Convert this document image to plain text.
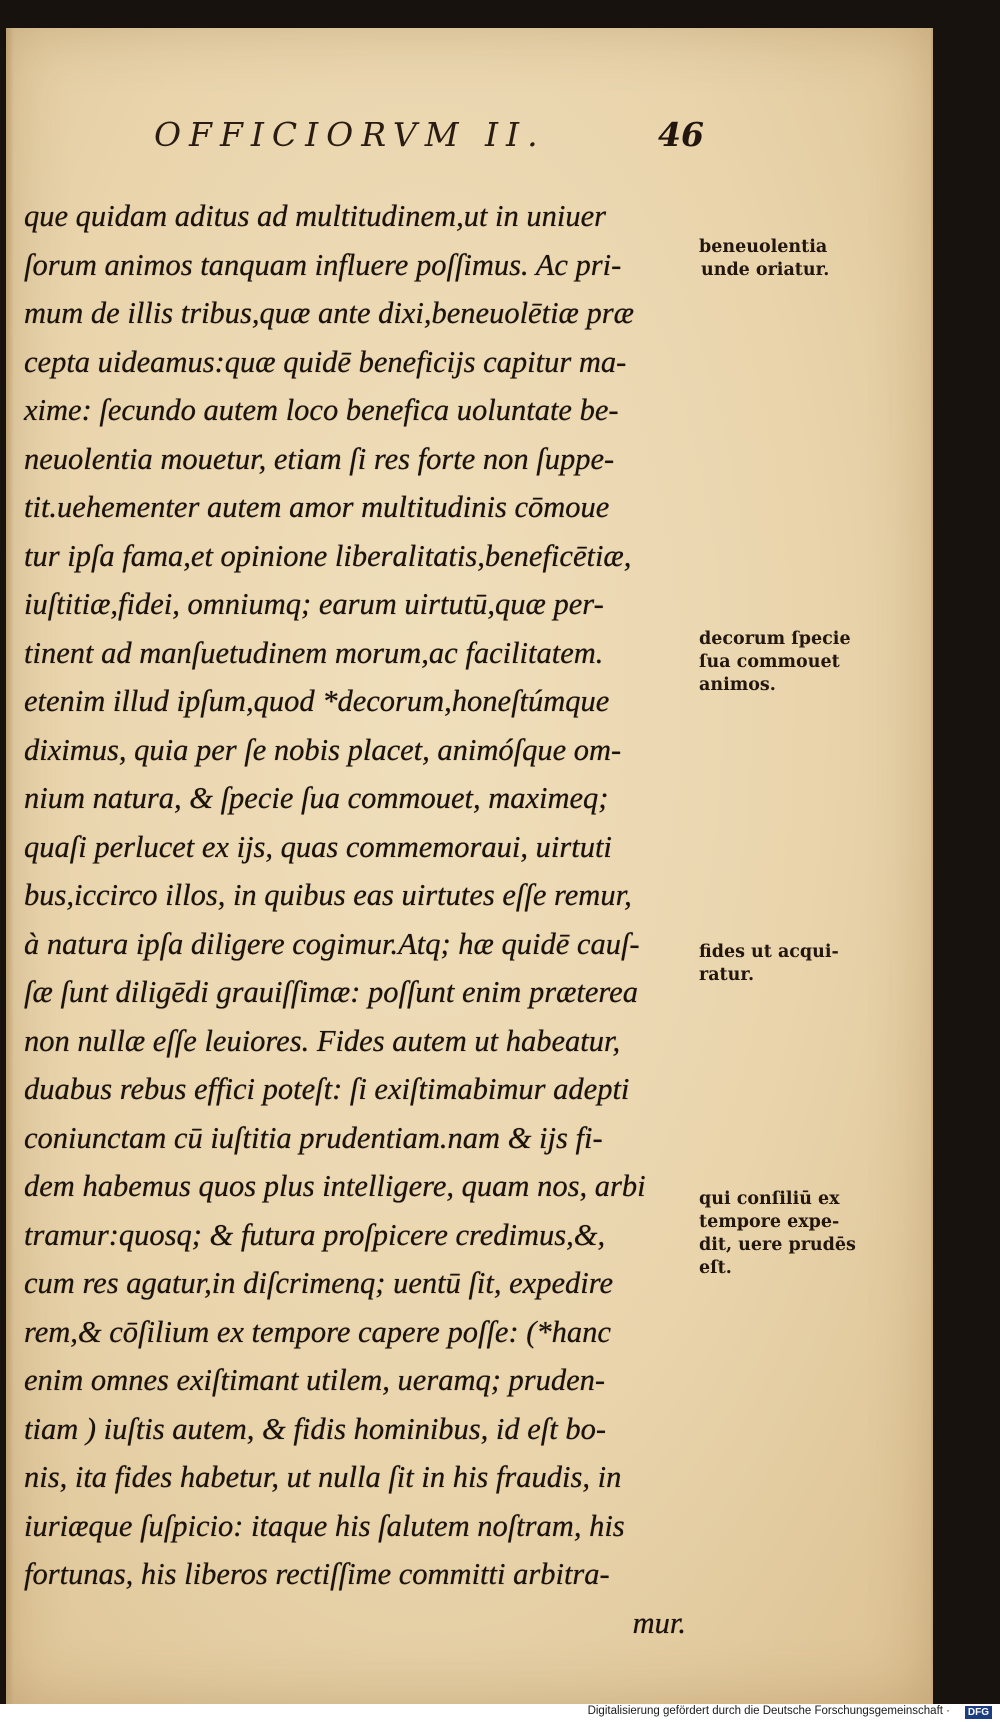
OFFICIORVM II.	46
que quidam aditus ad multitudinem,ut in uniuer
ſorum animos tanquam influere poſſimus. Ac pri-
mum de illis tribus,quæ ante dixi,beneuolētiæ præ
cepta uideamus:quæ quidē beneficijs capitur ma-
xime: ſecundo autem loco benefica uoluntate be-
neuolentia mouetur, etiam ſi res forte non ſuppe-
tit.uehementer autem amor multitudinis cōmoue
tur ipſa fama,et opinione liberalitatis,beneficētiæ,
iuſtitiæ,fidei, omniumq; earum uirtutū,quæ per-
tinent ad manſuetudinem morum,ac facilitatem.
etenim illud ipſum,quod *decorum,honeſtúmque
diximus, quia per ſe nobis placet, animóſque om-
nium natura, & ſpecie ſua commouet, maximeq;
quaſi perlucet ex ijs, quas commemoraui, uirtuti
bus,iccirco illos, in quibus eas uirtutes eſſe remur,
à natura ipſa diligere cogimur.Atq; hæ quidē cauſ-
ſæ ſunt diligēdi grauiſſimæ: poſſunt enim præterea
non nullæ eſſe leuiores. Fides autem ut habeatur,
duabus rebus effici poteſt: ſi exiſtimabimur adepti
coniunctam cū iuſtitia prudentiam.nam & ijs fi-
dem habemus quos plus intelligere, quam nos, arbi
tramur:quosq; & futura proſpicere credimus,&,
cum res agatur,in diſcrimenq; uentū ſit, expedire
rem,& cōſilium ex tempore capere poſſe: (*hanc
enim omnes exiſtimant utilem, ueramq; pruden-
tiam ) iuſtis autem, & fidis hominibus, id eſt bo-
nis, ita fides habetur, ut nulla ſit in his fraudis, in
iuriæque ſuſpicio: itaque his ſalutem noſtram, his
fortunas, his liberos rectiſſime committi arbitra-
mur.
beneuolentia
unde oriatur.
decorum ſpecie
ſua commouet
animos.
fides ut acqui-
ratur.
qui conſiliū ex
tempore expe-
dit, uere prudēs
eſt.
Digitalisierung gefördert durch die Deutsche Forschungsgemeinschaft ·	DFG
